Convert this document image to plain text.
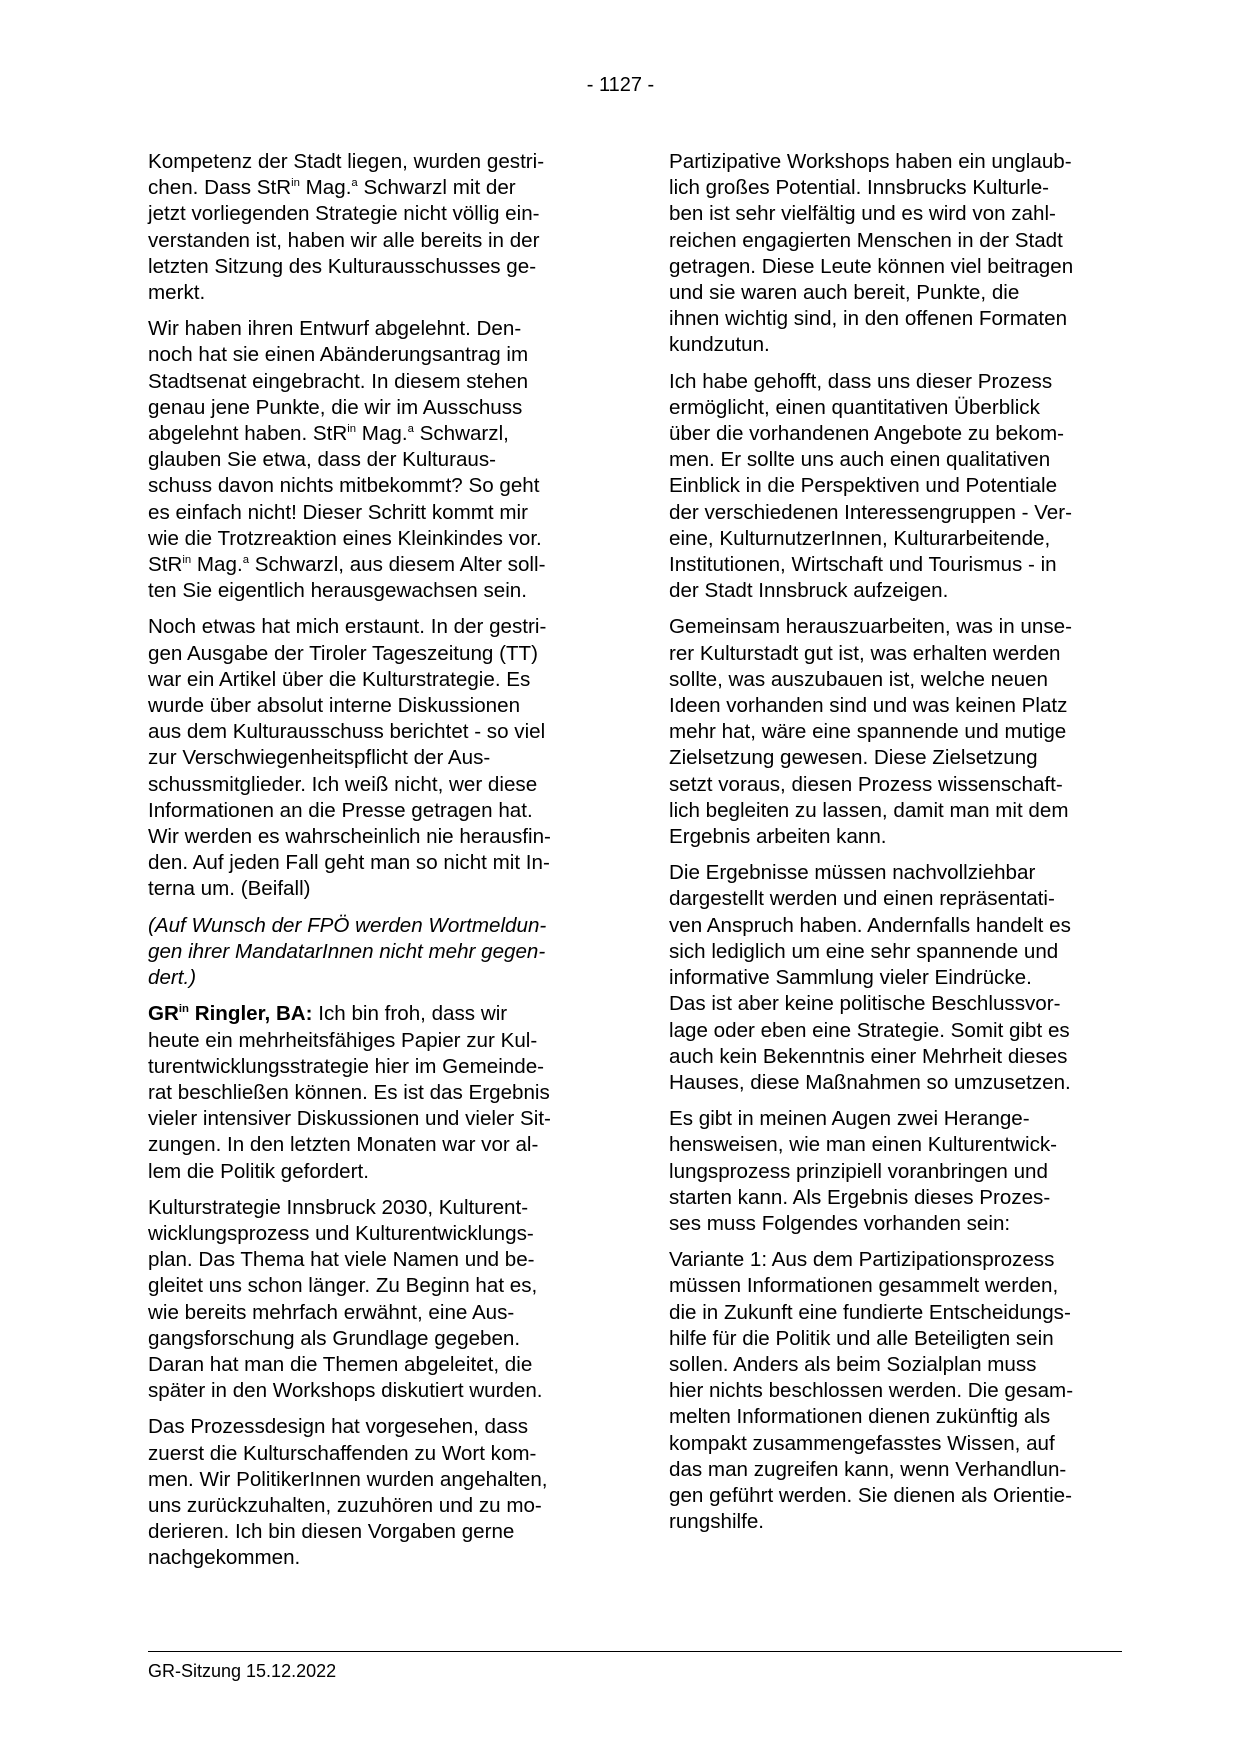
- 1127 -

Kompetenz der Stadt liegen, wurden gestri-
chen. Dass StR$^{in}$ Mag.$^a$ Schwarzl mit der
jetzt vorliegenden Strategie nicht völlig ein-
verstanden ist, haben wir alle bereits in der
letzten Sitzung des Kulturausschusses ge-
merkt.

Wir haben ihren Entwurf abgelehnt. Den-
noch hat sie einen Abänderungsantrag im
Stadtsenat eingebracht. In diesem stehen
genau jene Punkte, die wir im Ausschuss
abgelehnt haben. StR$^{in}$ Mag.$^a$ Schwarzl,
glauben Sie etwa, dass der Kulturaus-
schuss davon nichts mitbekommt? So geht
es einfach nicht! Dieser Schritt kommt mir
wie die Trotzreaktion eines Kleinkindes vor.
StR$^{in}$ Mag.$^a$ Schwarzl, aus diesem Alter soll-
ten Sie eigentlich herausgewachsen sein.

Noch etwas hat mich erstaunt. In der gestri-
gen Ausgabe der Tiroler Tageszeitung (TT)
war ein Artikel über die Kulturstrategie. Es
wurde über absolut interne Diskussionen
aus dem Kulturausschuss berichtet - so viel
zur Verschwiegenheitspflicht der Aus-
schussmitglieder. Ich weiß nicht, wer diese
Informationen an die Presse getragen hat.
Wir werden es wahrscheinlich nie herausfin-
den. Auf jeden Fall geht man so nicht mit In-
terna um. (Beifall)

(Auf Wunsch der FPÖ werden Wortmeldun-
gen ihrer MandatarInnen nicht mehr gegen-
dert.)

$GR^{in}$ Ringler, BA: Ich bin froh, dass wir
heute ein mehrheitsfähiges Papier zur Kul-
turentwicklungsstrategie hier im Gemeinde-
rat beschließen können. Es ist das Ergebnis
vieler intensiver Diskussionen und vieler Sit-
zungen. In den letzten Monaten war vor al-
lem die Politik gefordert.

Kulturstrategie Innsbruck 2030, Kulturent-
wicklungsprozess und Kulturentwicklungs-
plan. Das Thema hat viele Namen und be-
gleitet uns schon länger. Zu Beginn hat es,
wie bereits mehrfach erwähnt, eine Aus-
gangsforschung als Grundlage gegeben.
Daran hat man die Themen abgeleitet, die
später in den Workshops diskutiert wurden.

Das Prozessdesign hat vorgesehen, dass
zuerst die Kulturschaffenden zu Wort kom-
men. Wir PolitikerInnen wurden angehalten,
uns zurückzuhalten, zuzuhören und zu mo-
derieren. Ich bin diesen Vorgaben gerne
nachgekommen.

Partizipative Workshops haben ein unglaub-
lich großes Potential. Innsbrucks Kulturle-
ben ist sehr vielfältig und es wird von zahl-
reichen engagierten Menschen in der Stadt
getragen. Diese Leute können viel beitragen
und sie waren auch bereit, Punkte, die
ihnen wichtig sind, in den offenen Formaten
kundzutun.

Ich habe gehofft, dass uns dieser Prozess
ermöglicht, einen quantitativen Überblick
über die vorhandenen Angebote zu bekom-
men. Er sollte uns auch einen qualitativen
Einblick in die Perspektiven und Potentiale
der verschiedenen Interessengruppen - Ver-
eine, KulturnutzerInnen, Kulturarbeitende,
Institutionen, Wirtschaft und Tourismus - in
der Stadt Innsbruck aufzeigen.

Gemeinsam herauszuarbeiten, was in unse-
rer Kulturstadt gut ist, was erhalten werden
sollte, was auszubauen ist, welche neuen
Ideen vorhanden sind und was keinen Platz
mehr hat, wäre eine spannende und mutige
Zielsetzung gewesen. Diese Zielsetzung
setzt voraus, diesen Prozess wissenschaft-
lich begleiten zu lassen, damit man mit dem
Ergebnis arbeiten kann.

Die Ergebnisse müssen nachvollziehbar
dargestellt werden und einen repräsentati-
ven Anspruch haben. Andernfalls handelt es
sich lediglich um eine sehr spannende und
informative Sammlung vieler Eindrücke.
Das ist aber keine politische Beschlussvor-
lage oder eben eine Strategie. Somit gibt es
auch kein Bekenntnis einer Mehrheit dieses
Hauses, diese Maßnahmen so umzusetzen.

Es gibt in meinen Augen zwei Herange-
hensweisen, wie man einen Kulturentwick-
lungsprozess prinzipiell voranbringen und
starten kann. Als Ergebnis dieses Prozes-
ses muss Folgendes vorhanden sein:

Variante 1: Aus dem Partizipationsprozess
müssen Informationen gesammelt werden,
die in Zukunft eine fundierte Entscheidungs-
hilfe für die Politik und alle Beteiligten sein
sollen. Anders als beim Sozialplan muss
hier nichts beschlossen werden. Die gesam-
melten Informationen dienen zukünftig als
kompakt zusammengefasstes Wissen, auf
das man zugreifen kann, wenn Verhandlun-
gen geführt werden. Sie dienen als Orientie-
rungshilfe.

GR-Sitzung 15.12.2022
